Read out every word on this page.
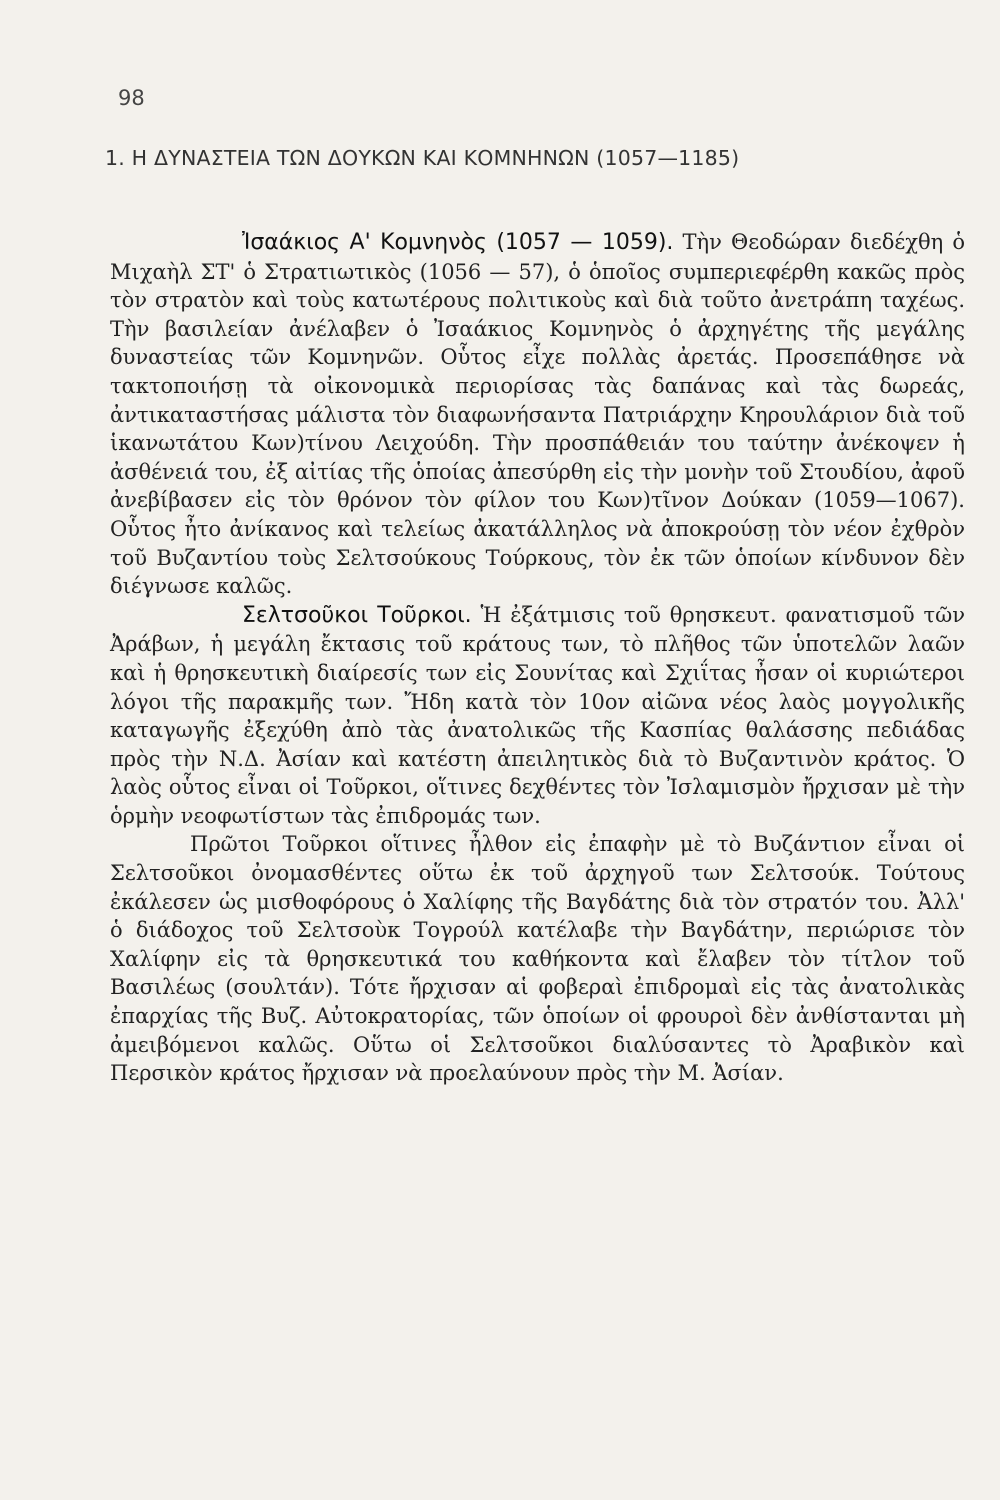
98
1. Η ΔΥΝΑΣΤΕΙΑ ΤΩΝ ΔΟΥΚΩΝ ΚΑΙ ΚΟΜΝΗΝΩΝ (1057—1185)

Ἰσαάκιος Α' Κομνηνὸς (1057 — 1059). Τὴν Θεοδώραν διεδέχθη ὁ Μιχαὴλ ΣΤ' ὁ Στρατιωτικὸς (1056 — 57), ὁ ὁποῖος συμπεριεφέρθη κακῶς πρὸς τὸν στρατὸν καὶ τοὺς κατωτέρους πολιτικοὺς καὶ διὰ τοῦτο ἀνετράπη ταχέως. Τὴν βασιλείαν ἀνέλαβεν ὁ Ἰσαάκιος Κομνηνὸς ὁ ἀρχηγέτης τῆς μεγάλης δυναστείας τῶν Κομνηνῶν. Οὗτος εἶχε πολλὰς ἀρετάς. Προσεπάθησε νὰ τακτοποιήσῃ τὰ οἰκονομικὰ περιορίσας τὰς δαπάνας καὶ τὰς δωρεάς, ἀντικαταστήσας μάλιστα τὸν διαφωνήσαντα Πατριάρχην Κηρουλάριον διὰ τοῦ ἱκανωτάτου Κων)τίνου Λειχούδη. Τὴν προσπάθειάν του ταύτην ἀνέκοψεν ἡ ἀσθένειά του, ἐξ αἰτίας τῆς ὁποίας ἀπεσύρθη εἰς τὴν μονὴν τοῦ Στουδίου, ἀφοῦ ἀνεβίβασεν εἰς τὸν θρόνον τὸν φίλον του Κων)τῖνον Δούκαν (1059—1067). Οὗτος ἦτο ἀνίκανος καὶ τελείως ἀκατάλληλος νὰ ἀποκρούσῃ τὸν νέον ἐχθρὸν τοῦ Βυζαντίου τοὺς Σελτσούκους Τούρκους, τὸν ἐκ τῶν ὁποίων κίνδυνον δὲν διέγνωσε καλῶς.

Σελτσοῦκοι Τοῦρκοι. Ἡ ἐξάτμισις τοῦ θρησκευτ. φανατισμοῦ τῶν Ἀράβων, ἡ μεγάλη ἔκτασις τοῦ κράτους των, τὸ πλῆθος τῶν ὑποτελῶν λαῶν καὶ ἡ θρησκευτικὴ διαίρεσίς των εἰς Σουνίτας καὶ Σχιΐτας ἦσαν οἱ κυριώτεροι λόγοι τῆς παρακμῆς των. Ἤδη κατὰ τὸν 10ον αἰῶνα νέος λαὸς μογγολικῆς καταγωγῆς ἐξεχύθη ἀπὸ τὰς ἀνατολικῶς τῆς Κασπίας θαλάσσης πεδιάδας πρὸς τὴν Ν.Δ. Ἀσίαν καὶ κατέστη ἀπειλητικὸς διὰ τὸ Βυζαντινὸν κράτος. Ὁ λαὸς οὗτος εἶναι οἱ Τοῦρκοι, οἵτινες δεχθέντες τὸν Ἰσλαμισμὸν ἤρχισαν μὲ τὴν ὁρμὴν νεοφωτίστων τὰς ἐπιδρομάς των.

Πρῶτοι Τοῦρκοι οἵτινες ἦλθον εἰς ἐπαφὴν μὲ τὸ Βυζάντιον εἶναι οἱ Σελτσοῦκοι ὀνομασθέντες οὕτω ἐκ τοῦ ἀρχηγοῦ των Σελτσούκ. Τούτους ἐκάλεσεν ὡς μισθοφόρους ὁ Χαλίφης τῆς Βαγδάτης διὰ τὸν στρατόν του. Ἀλλ' ὁ διάδοχος τοῦ Σελτσοὺκ Τογρούλ κατέλαβε τὴν Βαγδάτην, περιώρισε τὸν Χαλίφην εἰς τὰ θρησκευτικά του καθήκοντα καὶ ἔλαβεν τὸν τίτλον τοῦ Βασιλέως (σουλτάν). Τότε ἤρχισαν αἱ φοβεραὶ ἐπιδρομαὶ εἰς τὰς ἀνατολικὰς ἐπαρχίας τῆς Βυζ. Αὐτοκρατορίας, τῶν ὁποίων οἱ φρουροὶ δὲν ἀνθίστανται μὴ ἀμειβόμενοι καλῶς. Οὕτω οἱ Σελτσοῦκοι διαλύσαντες τὸ Ἀραβικὸν καὶ Περσικὸν κράτος ἤρχισαν νὰ προελαύνουν πρὸς τὴν Μ. Ἀσίαν.
